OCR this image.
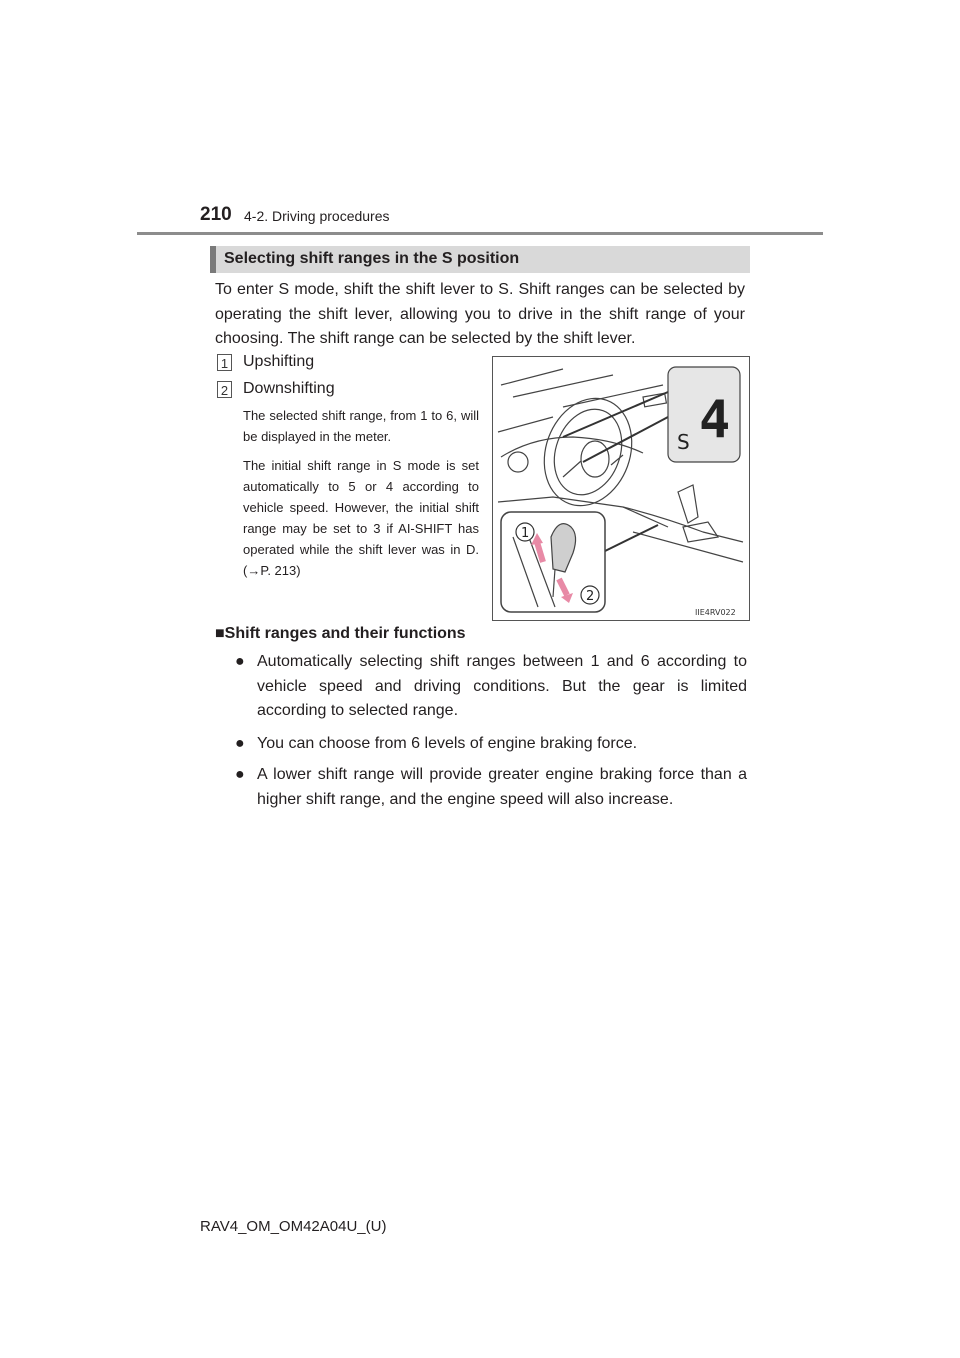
210 4-2. Driving procedures
Selecting shift ranges in the S position

To enter S mode, shift the shift lever to S. Shift ranges can be selected by operating the shift lever, allowing you to drive in the shift range of your choosing. The shift range can be selected by the shift lever.

1 Upshifting
2 Downshifting

The selected shift range, from 1 to 6, will be displayed in the meter.

The initial shift range in S mode is set automatically to 5 or 4 according to vehicle speed. However, the initial shift range may be set to 3 if AI-SHIFT has operated while the shift lever was in D. (→P. 213)

S 4
1
2
IIE4RV022
■Shift ranges and their functions
● Automatically selecting shift ranges between 1 and 6 according to vehicle speed and driving conditions. But the gear is limited according to selected range.
● You can choose from 6 levels of engine braking force.
● A lower shift range will provide greater engine braking force than a higher shift range, and the engine speed will also increase.
RAV4_OM_OM42A04U_(U)
